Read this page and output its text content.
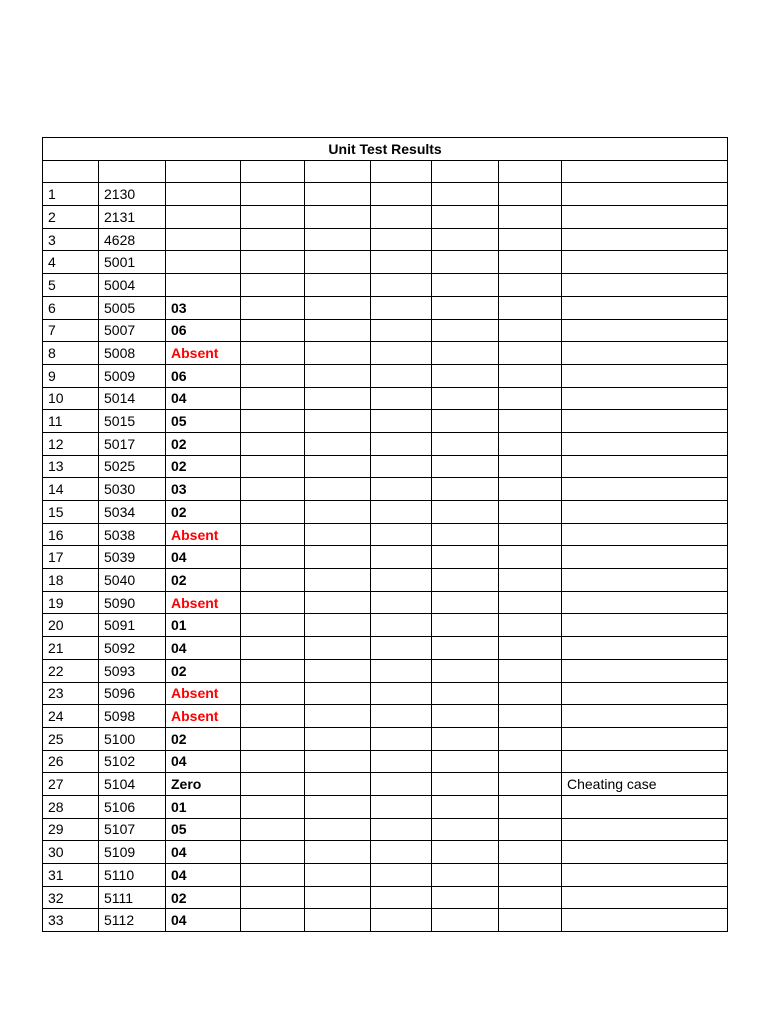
Unit Test Results								

1	2130							
2	2131							
3	4628							
4	5001							
5	5004							
6	5005	03						
7	5007	06						
8	5008	Absent						
9	5009	06						
10	5014	04						
11	5015	05						
12	5017	02						
13	5025	02						
14	5030	03						
15	5034	02						
16	5038	Absent						
17	5039	04						
18	5040	02						
19	5090	Absent						
20	5091	01						
21	5092	04						
22	5093	02						
23	5096	Absent						
24	5098	Absent						
25	5100	02						
26	5102	04						
27	5104	Zero						Cheating case
28	5106	01						
29	5107	05						
30	5109	04						
31	5110	04						
32	5111	02						
33	5112	04						
